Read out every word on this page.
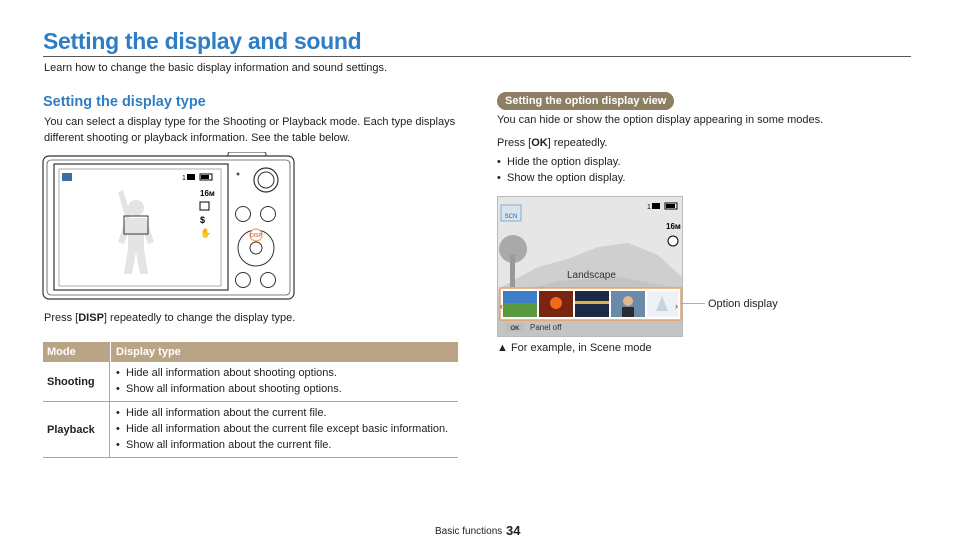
Setting the display and sound
Learn how to change the basic display information and sound settings.
Setting the display type
You can select a display type for the Shooting or Playback mode. Each type displays different shooting or playback information. See the table below.
1
16м
$
✋	DISP
Press [DISP] repeatedly to change the display type.
Mode	Display type
Shooting
• Hide all information about shooting options.
• Show all information about shooting options.
Playback
• Hide all information about the current file.
• Hide all information about the current file except basic information.
• Show all information about the current file.
Setting the option display view
You can hide or show the option display appearing in some modes.
Press [OK] repeatedly.
• Hide the option display.
• Show the option display.
SCN
1
16м
‹	›
OK Panel off
Landscape
Option display
▲ For example, in Scene mode
Basic functions 34
